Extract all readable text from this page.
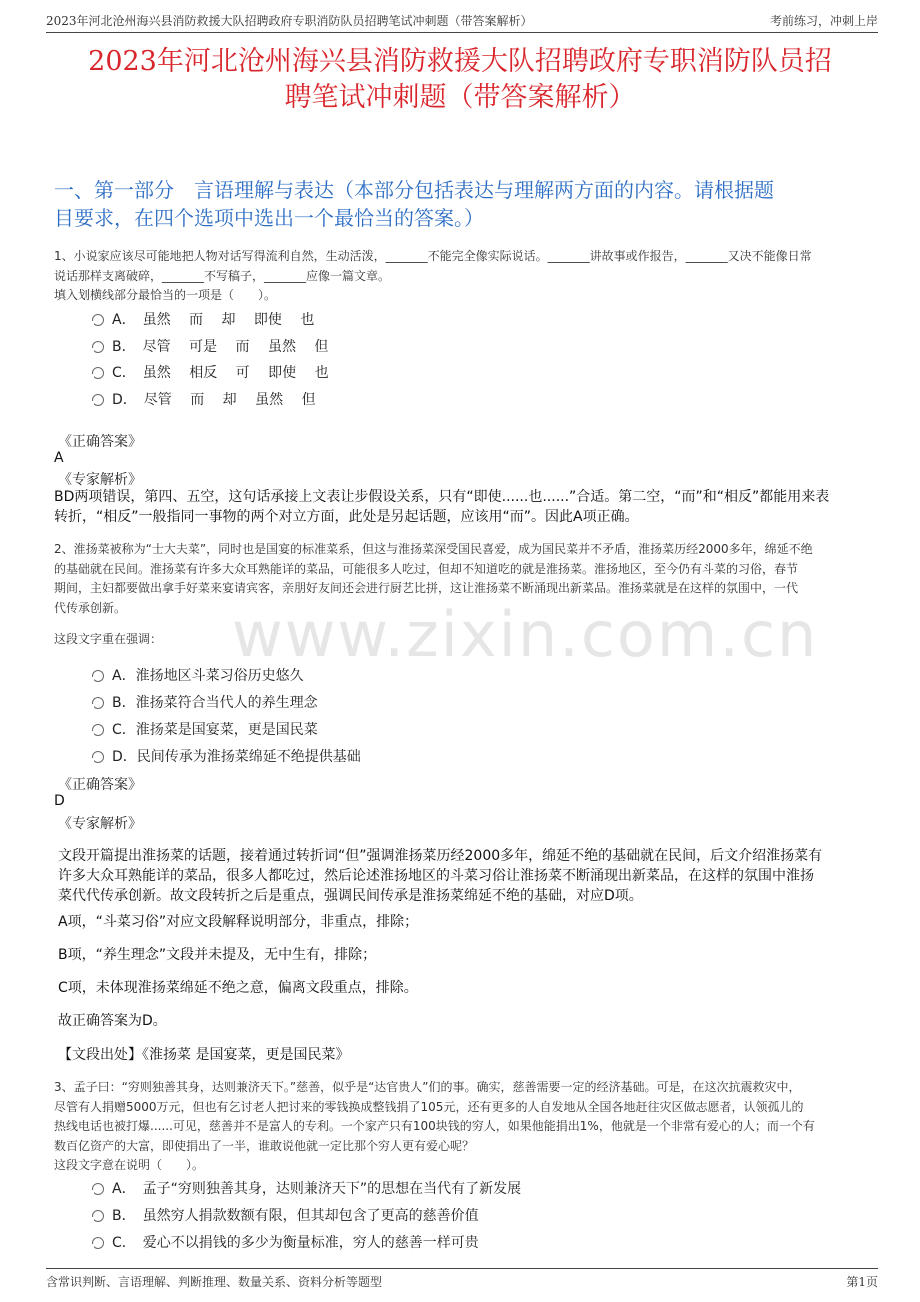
2023年河北沧州海兴县消防救援大队招聘政府专职消防队员招聘笔试冲刺题（带答案解析）	考前练习，冲刺上岸
2023年河北沧州海兴县消防救援大队招聘政府专职消防队员招
聘笔试冲刺题（带答案解析）
一、第一部分　言语理解与表达（本部分包括表达与理解两方面的内容。请根据题
目要求，在四个选项中选出一个最恰当的答案。）
www.zixin.com.cn
1、小说家应该尽可能地把人物对话写得流利自然，生动活泼，_______不能完全像实际说话。_______讲故事或作报告，_______又决不能像日常
说话那样支离破碎，_______不写稿子，_______应像一篇文章。
填入划横线部分最恰当的一项是（　　）。
A．　虽然　 而　 却　 即使　 也
B．　尽管　 可是　 而　 虽然　 但
C．　虽然　 相反　 可　 即使　 也
D．　尽管　 而　 却　 虽然　 但
《正确答案》
A
《专家解析》
BD两项错误，第四、五空，这句话承接上文表让步假设关系，只有“即使......也......”合适。第二空，“而”和“相反”都能用来表
转折，“相反”一般指同一事物的两个对立方面，此处是另起话题，应该用“而”。因此A项正确。
2、淮扬菜被称为“士大夫菜”，同时也是国宴的标准菜系，但这与淮扬菜深受国民喜爱，成为国民菜并不矛盾，淮扬菜历经2000多年，绵延不绝
的基础就在民间。淮扬菜有许多大众耳熟能详的菜品，可能很多人吃过，但却不知道吃的就是淮扬菜。淮扬地区，至今仍有斗菜的习俗，春节
期间，主妇都要做出拿手好菜来宴请宾客，亲朋好友间还会进行厨艺比拼，这让淮扬菜不断涌现出新菜品。淮扬菜就是在这样的氛围中，一代
代传承创新。
这段文字重在强调：
A．淮扬地区斗菜习俗历史悠久
B．淮扬菜符合当代人的养生理念
C．淮扬菜是国宴菜，更是国民菜
D．民间传承为淮扬菜绵延不绝提供基础
《正确答案》
D
《专家解析》
文段开篇提出淮扬菜的话题，接着通过转折词“但”强调淮扬菜历经2000多年，绵延不绝的基础就在民间，后文介绍淮扬菜有
许多大众耳熟能详的菜品，很多人都吃过，然后论述淮扬地区的斗菜习俗让淮扬菜不断涌现出新菜品，在这样的氛围中淮扬
菜代代传承创新。故文段转折之后是重点，强调民间传承是淮扬菜绵延不绝的基础，对应D项。
A项，“斗菜习俗”对应文段解释说明部分，非重点，排除；
B项，“养生理念”文段并未提及，无中生有，排除；
C项，未体现淮扬菜绵延不绝之意，偏离文段重点，排除。
故正确答案为D。
【文段出处】《淮扬菜 是国宴菜，更是国民菜》
3、孟子曰：“穷则独善其身，达则兼济天下。”慈善，似乎是“达官贵人”们的事。确实，慈善需要一定的经济基础。可是，在这次抗震救灾中，
尽管有人捐赠5000万元，但也有乞讨老人把讨来的零钱换成整钱捐了105元，还有更多的人自发地从全国各地赶往灾区做志愿者，认领孤儿的
热线电话也被打爆......可见，慈善并不是富人的专利。一个家产只有100块钱的穷人，如果他能捐出1%，他就是一个非常有爱心的人；而一个有
数百亿资产的大富，即使捐出了一半，谁敢说他就一定比那个穷人更有爱心呢？
这段文字意在说明（　　）。
A．　孟子“穷则独善其身，达则兼济天下”的思想在当代有了新发展
B．　虽然穷人捐款数额有限，但其却包含了更高的慈善价值
C．　爱心不以捐钱的多少为衡量标准，穷人的慈善一样可贵
含常识判断、言语理解、判断推理、数量关系、资料分析等题型	第1页
